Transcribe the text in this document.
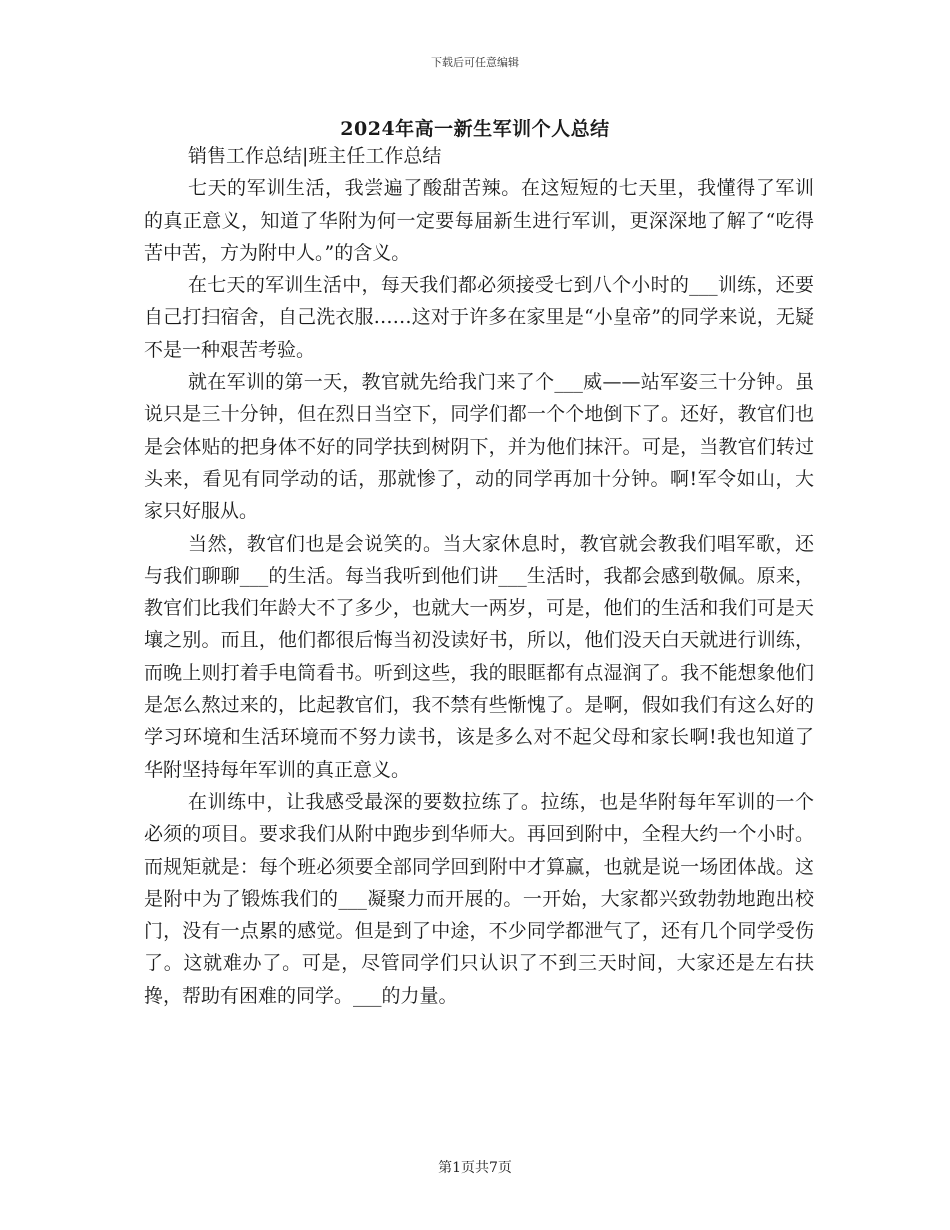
下载后可任意编辑
2024年高一新生军训个人总结

销售工作总结|班主任工作总结

七天的军训生活，我尝遍了酸甜苦辣。在这短短的七天里，我懂得了军训的真正意义，知道了华附为何一定要每届新生进行军训，更深深地了解了“吃得苦中苦，方为附中人。”的含义。

在七天的军训生活中，每天我们都必须接受七到八个小时的___训练，还要自己打扫宿舍，自己洗衣服……这对于许多在家里是“小皇帝”的同学来说，无疑不是一种艰苦考验。

就在军训的第一天，教官就先给我门来了个___威——站军姿三十分钟。虽说只是三十分钟，但在烈日当空下，同学们都一个个地倒下了。还好，教官们也是会体贴的把身体不好的同学扶到树阴下，并为他们抹汗。可是，当教官们转过头来，看见有同学动的话，那就惨了，动的同学再加十分钟。啊!军令如山，大家只好服从。

当然，教官们也是会说笑的。当大家休息时，教官就会教我们唱军歌，还与我们聊聊___的生活。每当我听到他们讲___生活时，我都会感到敬佩。原来，教官们比我们年龄大不了多少，也就大一两岁，可是，他们的生活和我们可是天壤之别。而且，他们都很后悔当初没读好书，所以，他们没天白天就进行训练，而晚上则打着手电筒看书。听到这些，我的眼眶都有点湿润了。我不能想象他们是怎么熬过来的，比起教官们，我不禁有些惭愧了。是啊，假如我们有这么好的学习环境和生活环境而不努力读书，该是多么对不起父母和家长啊!我也知道了华附坚持每年军训的真正意义。

在训练中，让我感受最深的要数拉练了。拉练，也是华附每年军训的一个必须的项目。要求我们从附中跑步到华师大。再回到附中，全程大约一个小时。而规矩就是：每个班必须要全部同学回到附中才算赢，也就是说一场团体战。这是附中为了锻炼我们的___凝聚力而开展的。一开始，大家都兴致勃勃地跑出校门，没有一点累的感觉。但是到了中途，不少同学都泄气了，还有几个同学受伤了。这就难办了。可是，尽管同学们只认识了不到三天时间，大家还是左右扶搀，帮助有困难的同学。___的力量。

第1页共7页
